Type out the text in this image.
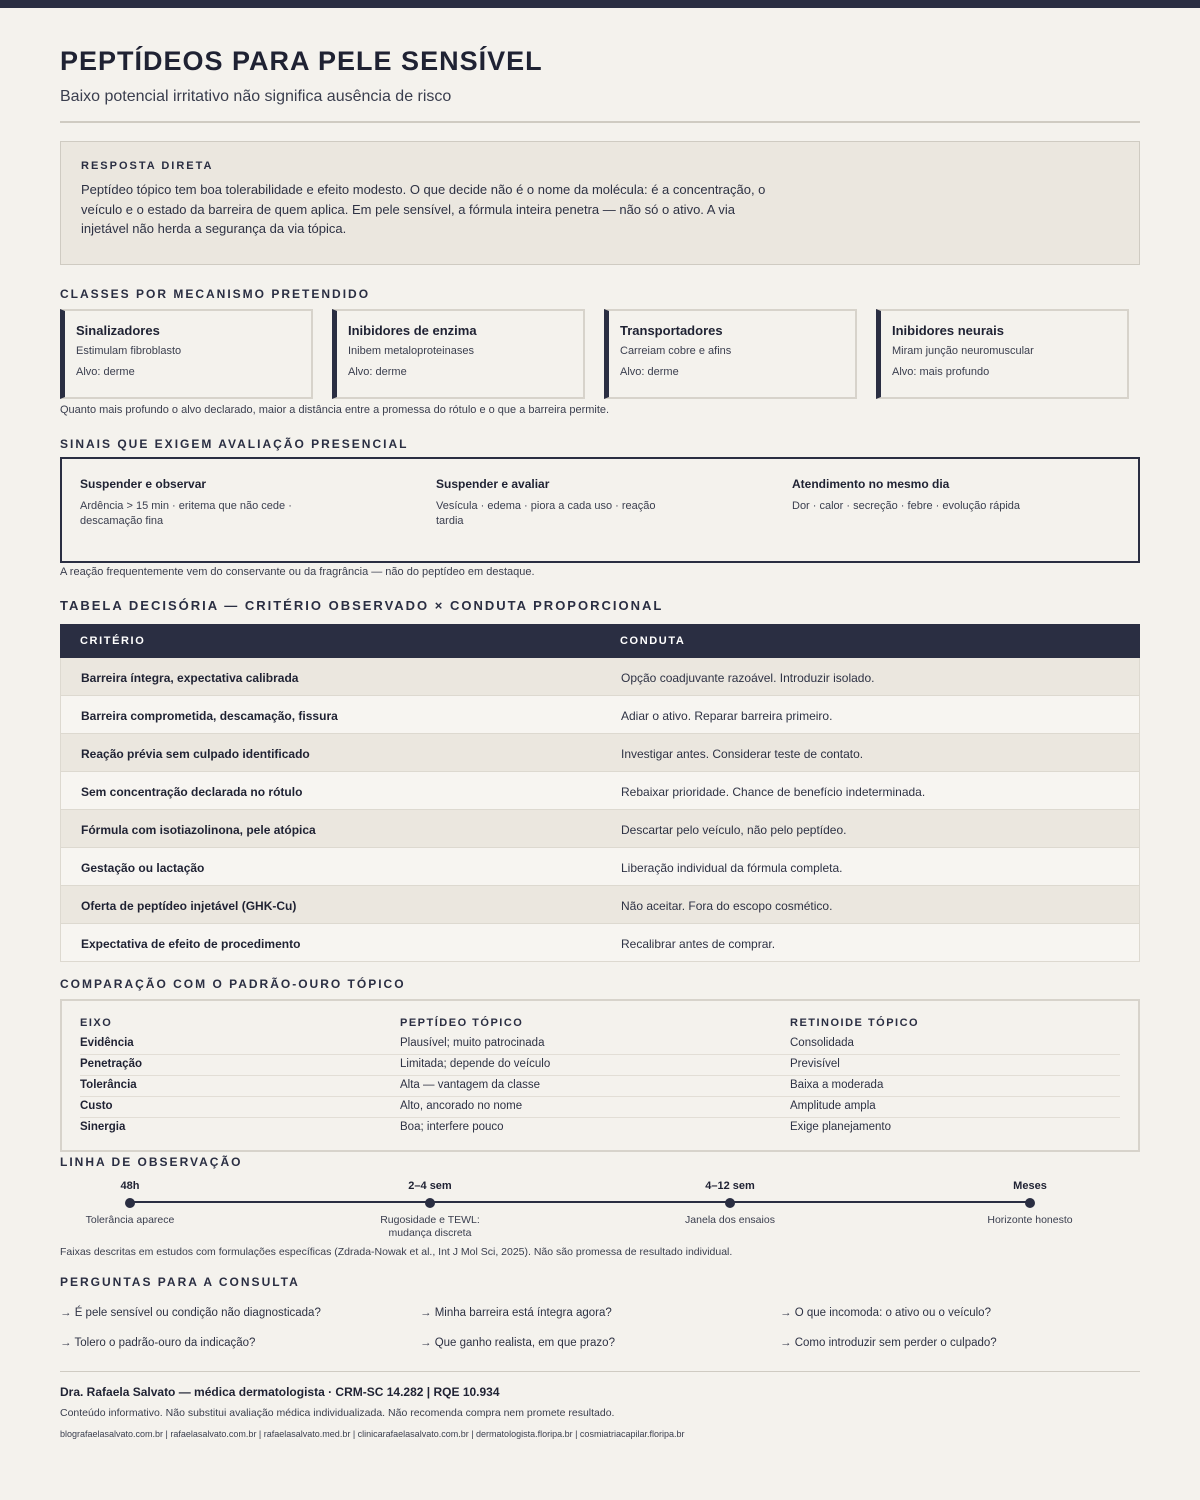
PEPTÍDEOS PARA PELE SENSÍVEL
Baixo potencial irritativo não significa ausência de risco
RESPOSTA DIRETA
Peptídeo tópico tem boa tolerabilidade e efeito modesto. O que decide não é o nome da molécula: é a concentração, o veículo e o estado da barreira de quem aplica. Em pele sensível, a fórmula inteira penetra — não só o ativo. A via injetável não herda a segurança da via tópica.
CLASSES POR MECANISMO PRETENDIDO
Sinalizadores
Estimulam fibroblasto
Alvo: derme
Inibidores de enzima
Inibem metaloproteinases
Alvo: derme
Transportadores
Carreiam cobre e afins
Alvo: derme
Inibidores neurais
Miram junção neuromuscular
Alvo: mais profundo
Quanto mais profundo o alvo declarado, maior a distância entre a promessa do rótulo e o que a barreira permite.
SINAIS QUE EXIGEM AVALIAÇÃO PRESENCIAL
Suspender e observar
Ardência > 15 min · eritema que não cede · descamação fina
Suspender e avaliar
Vesícula · edema · piora a cada uso · reação tardia
Atendimento no mesmo dia
Dor · calor · secreção · febre · evolução rápida
A reação frequentemente vem do conservante ou da fragrância — não do peptídeo em destaque.
TABELA DECISÓRIA — CRITÉRIO OBSERVADO × CONDUTA PROPORCIONAL
CRITÉRIO	CONDUTA
Barreira íntegra, expectativa calibrada	Opção coadjuvante razoável. Introduzir isolado.
Barreira comprometida, descamação, fissura	Adiar o ativo. Reparar barreira primeiro.
Reação prévia sem culpado identificado	Investigar antes. Considerar teste de contato.
Sem concentração declarada no rótulo	Rebaixar prioridade. Chance de benefício indeterminada.
Fórmula com isotiazolinona, pele atópica	Descartar pelo veículo, não pelo peptídeo.
Gestação ou lactação	Liberação individual da fórmula completa.
Oferta de peptídeo injetável (GHK-Cu)	Não aceitar. Fora do escopo cosmético.
Expectativa de efeito de procedimento	Recalibrar antes de comprar.
COMPARAÇÃO COM O PADRÃO-OURO TÓPICO
EIXO	PEPTÍDEO TÓPICO	RETINOIDE TÓPICO
Evidência	Plausível; muito patrocinada	Consolidada
Penetração	Limitada; depende do veículo	Previsível
Tolerância	Alta — vantagem da classe	Baixa a moderada
Custo	Alto, ancorado no nome	Amplitude ampla
Sinergia	Boa; interfere pouco	Exige planejamento
LINHA DE OBSERVAÇÃO
48h
Tolerância aparece
2–4 sem
Rugosidade e TEWL: mudança discreta
4–12 sem
Janela dos ensaios
Meses
Horizonte honesto
Faixas descritas em estudos com formulações específicas (Zdrada-Nowak et al., Int J Mol Sci, 2025). Não são promessa de resultado individual.
PERGUNTAS PARA A CONSULTA
→ É pele sensível ou condição não diagnosticada?	→ Minha barreira está íntegra agora?	→ O que incomoda: o ativo ou o veículo?
→ Tolero o padrão-ouro da indicação?	→ Que ganho realista, em que prazo?	→ Como introduzir sem perder o culpado?
Dra. Rafaela Salvato — médica dermatologista · CRM-SC 14.282 | RQE 10.934
Conteúdo informativo. Não substitui avaliação médica individualizada. Não recomenda compra nem promete resultado.
blografaelasalvato.com.br | rafaelasalvato.com.br | rafaelasalvato.med.br | clinicarafaelasalvato.com.br | dermatologista.floripa.br | cosmiatriacapilar.floripa.br
